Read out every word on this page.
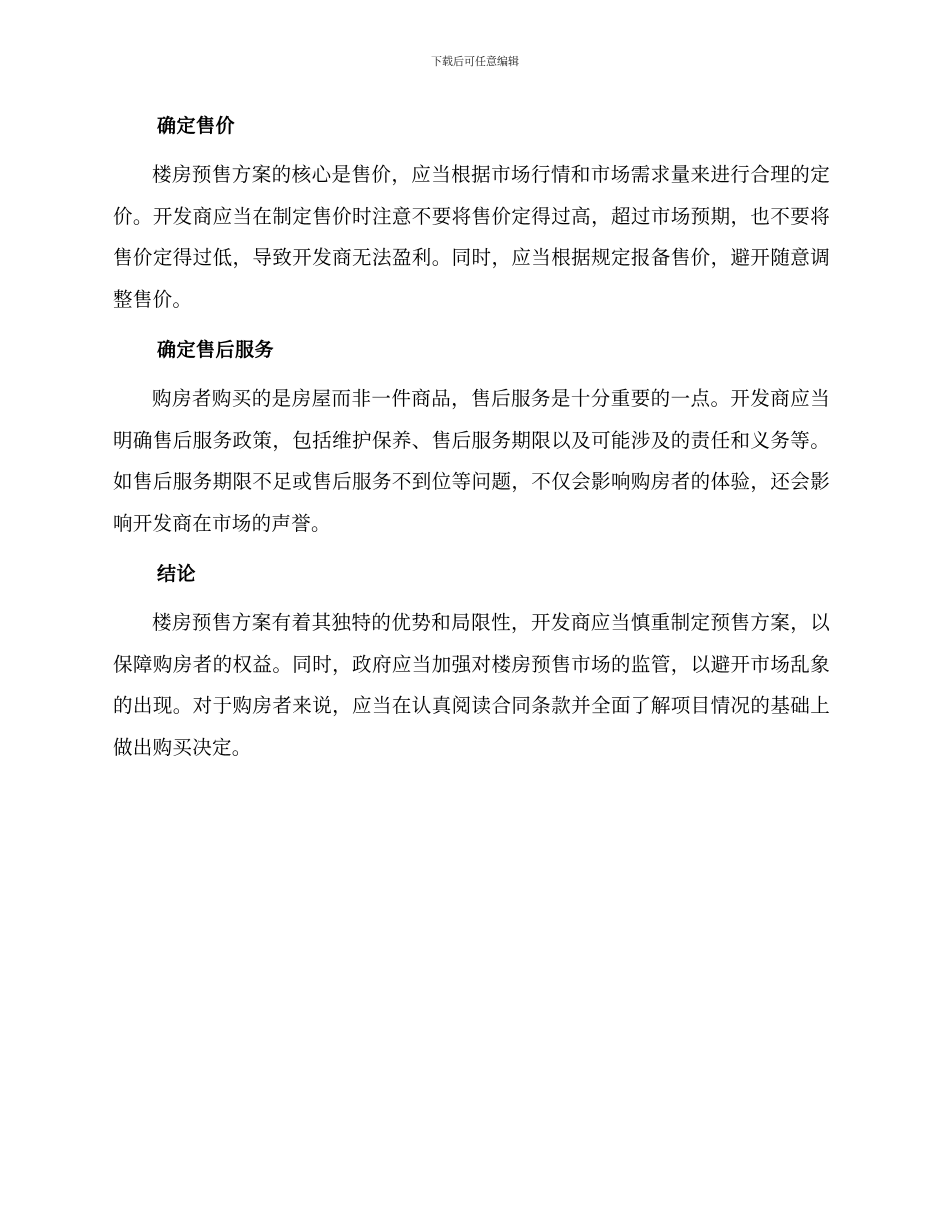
下载后可任意编辑
确定售价

楼房预售方案的核心是售价，应当根据市场行情和市场需求量来进行合理的定价。开发商应当在制定售价时注意不要将售价定得过高，超过市场预期，也不要将售价定得过低，导致开发商无法盈利。同时，应当根据规定报备售价，避开随意调整售价。

确定售后服务

购房者购买的是房屋而非一件商品，售后服务是十分重要的一点。开发商应当明确售后服务政策，包括维护保养、售后服务期限以及可能涉及的责任和义务等。如售后服务期限不足或售后服务不到位等问题，不仅会影响购房者的体验，还会影响开发商在市场的声誉。

结论

楼房预售方案有着其独特的优势和局限性，开发商应当慎重制定预售方案，以保障购房者的权益。同时，政府应当加强对楼房预售市场的监管，以避开市场乱象的出现。对于购房者来说，应当在认真阅读合同条款并全面了解项目情况的基础上做出购买决定。
